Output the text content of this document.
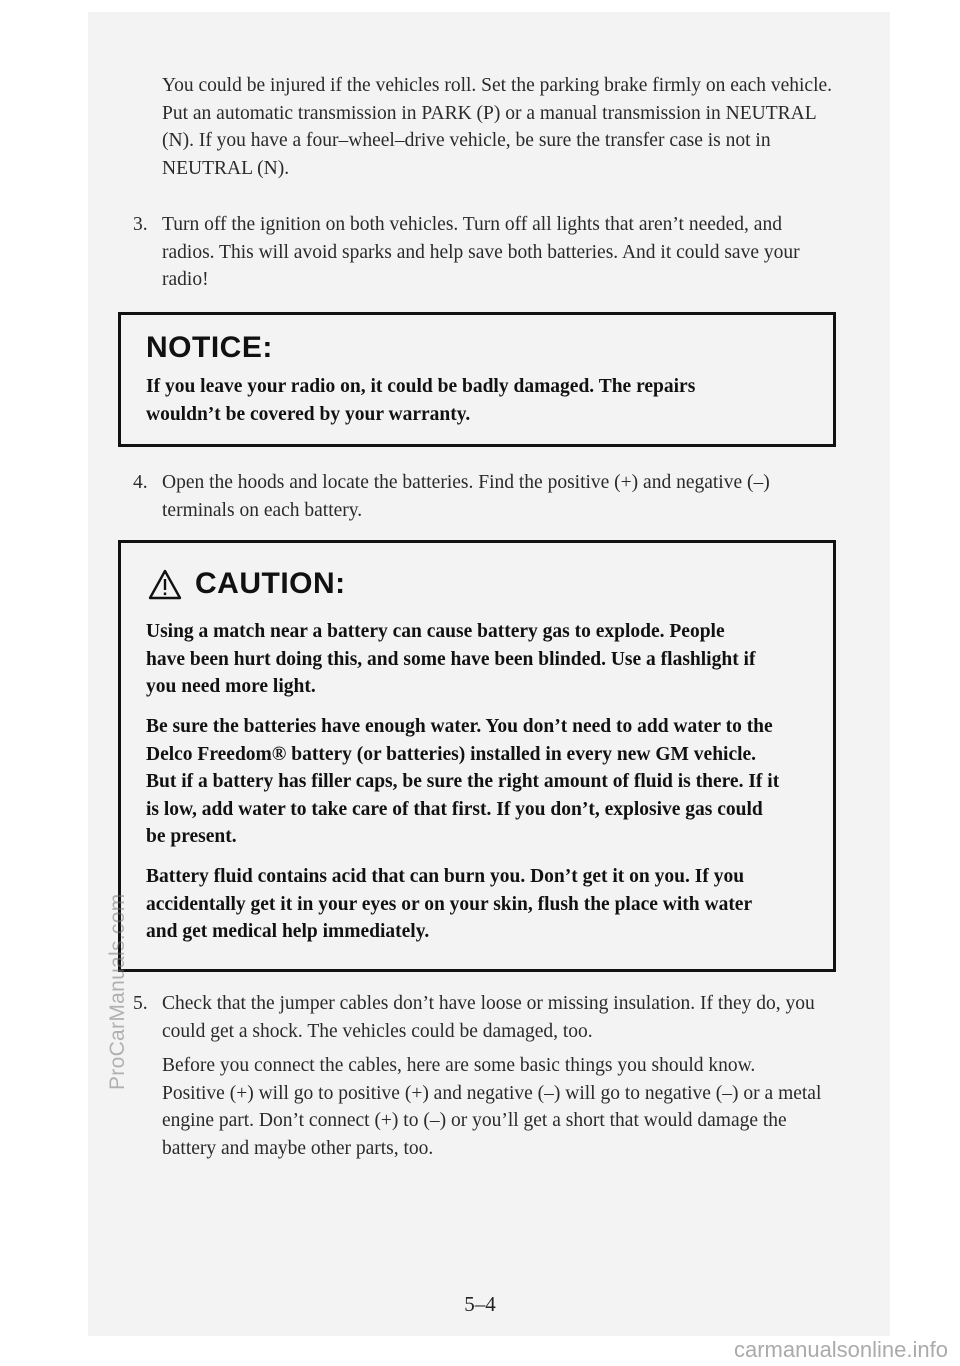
You could be injured if the vehicles roll. Set the parking brake firmly on each vehicle. Put an automatic transmission in PARK (P) or a manual transmission in NEUTRAL (N). If you have a four–wheel–drive vehicle, be sure the transfer case is not in NEUTRAL (N).

3. Turn off the ignition on both vehicles. Turn off all lights that aren’t needed, and radios. This will avoid sparks and help save both batteries. And it could save your radio!

NOTICE:

If you leave your radio on, it could be badly damaged. The repairs wouldn’t be covered by your warranty.

4. Open the hoods and locate the batteries. Find the positive (+) and negative (–) terminals on each battery.

CAUTION:

Using a match near a battery can cause battery gas to explode. People have been hurt doing this, and some have been blinded. Use a flashlight if you need more light.

Be sure the batteries have enough water. You don’t need to add water to the Delco Freedom® battery (or batteries) installed in every new GM vehicle. But if a battery has filler caps, be sure the right amount of fluid is there. If it is low, add water to take care of that first. If you don’t, explosive gas could be present.

Battery fluid contains acid that can burn you. Don’t get it on you. If you accidentally get it in your eyes or on your skin, flush the place with water and get medical help immediately.

5. Check that the jumper cables don’t have loose or missing insulation. If they do, you could get a shock. The vehicles could be damaged, too.

Before you connect the cables, here are some basic things you should know. Positive (+) will go to positive (+) and negative (–) will go to negative (–) or a metal engine part. Don’t connect (+) to (–) or you’ll get a short that would damage the battery and maybe other parts, too.

5–4
ProCarManuals.com
carmanualsonline.info
